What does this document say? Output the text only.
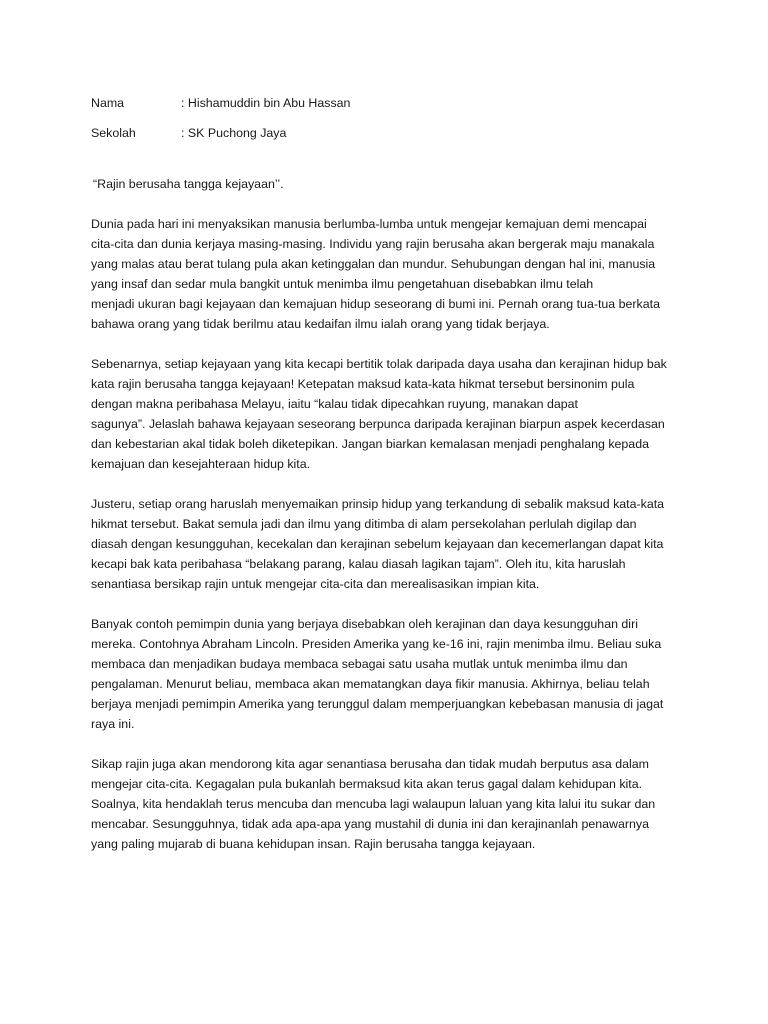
Nama	: Hishamuddin bin Abu Hassan
Sekolah	: SK Puchong Jaya
“Rajin berusaha tangga kejayaan’’.
Dunia pada hari ini menyaksikan manusia berlumba-lumba untuk mengejar kemajuan demi mencapai
cita-cita dan dunia kerjaya masing-masing. Individu yang rajin berusaha akan bergerak maju manakala
yang malas atau berat tulang pula akan ketinggalan dan mundur. Sehubungan dengan hal ini, manusia
yang insaf dan sedar mula bangkit untuk menimba ilmu pengetahuan disebabkan ilmu telah
menjadi ukuran bagi kejayaan dan kemajuan hidup seseorang di bumi ini. Pernah orang tua-tua berkata
bahawa orang yang tidak berilmu atau kedaifan ilmu ialah orang yang tidak berjaya.
Sebenarnya, setiap kejayaan yang kita kecapi bertitik tolak daripada daya usaha dan kerajinan hidup bak
kata rajin berusaha tangga kejayaan! Ketepatan maksud kata-kata hikmat tersebut bersinonim pula
dengan makna peribahasa Melayu, iaitu “kalau tidak dipecahkan ruyung, manakan dapat
sagunya”. Jelaslah bahawa kejayaan seseorang berpunca daripada kerajinan biarpun aspek kecerdasan
dan kebestarian akal tidak boleh diketepikan. Jangan biarkan kemalasan menjadi penghalang kepada
kemajuan dan kesejahteraan hidup kita.
Justeru, setiap orang haruslah menyemaikan prinsip hidup yang terkandung di sebalik maksud kata-kata
hikmat tersebut. Bakat semula jadi dan ilmu yang ditimba di alam persekolahan perlulah digilap dan
diasah dengan kesungguhan, kecekalan dan kerajinan sebelum kejayaan dan kecemerlangan dapat kita
kecapi bak kata peribahasa “belakang parang, kalau diasah lagikan tajam”. Oleh itu, kita haruslah
senantiasa bersikap rajin untuk mengejar cita-cita dan merealisasikan impian kita.
Banyak contoh pemimpin dunia yang berjaya disebabkan oleh kerajinan dan daya kesungguhan diri
mereka. Contohnya Abraham Lincoln. Presiden Amerika yang ke-16 ini, rajin menimba ilmu. Beliau suka
membaca dan menjadikan budaya membaca sebagai satu usaha mutlak untuk menimba ilmu dan
pengalaman. Menurut beliau, membaca akan mematangkan daya fikir manusia. Akhirnya, beliau telah
berjaya menjadi pemimpin Amerika yang terunggul dalam memperjuangkan kebebasan manusia di jagat
raya ini.
Sikap rajin juga akan mendorong kita agar senantiasa berusaha dan tidak mudah berputus asa dalam
mengejar cita-cita. Kegagalan pula bukanlah bermaksud kita akan terus gagal dalam kehidupan kita.
Soalnya, kita hendaklah terus mencuba dan mencuba lagi walaupun laluan yang kita lalui itu sukar dan
mencabar. Sesungguhnya, tidak ada apa-apa yang mustahil di dunia ini dan kerajinanlah penawarnya
yang paling mujarab di buana kehidupan insan. Rajin berusaha tangga kejayaan.
